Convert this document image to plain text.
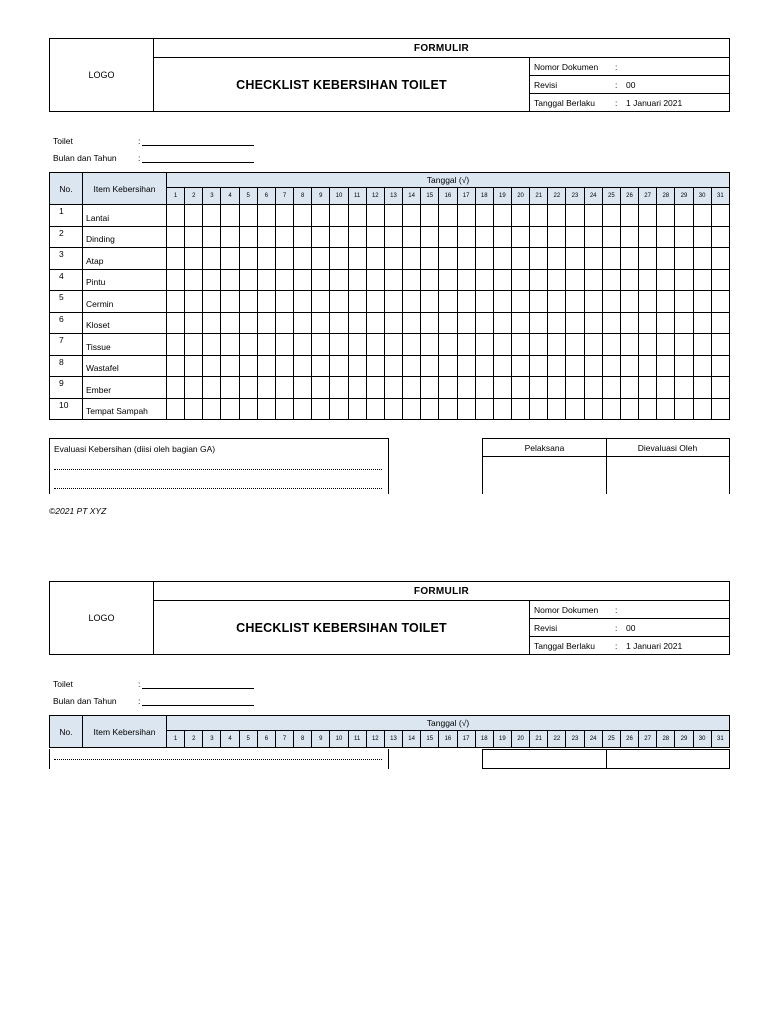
LOGO
FORMULIR
CHECKLIST KEBERSIHAN TOILET
Nomor Dokumen	:
Revisi	:	00
Tanggal Berlaku	:	1 Januari 2021
Toilet	:
Bulan dan Tahun	:
No.	Item Kebersihan	Tanggal (√)																														
		1	2	3	4	5	6	7	8	9	10	11	12	13	14	15	16	17	18	19	20	21	22	23	24	25	26	27	28	29	30	31
1	Lantai																															
2	Dinding																															
3	Atap																															
4	Pintu																															
5	Cermin																															
6	Kloset																															
7	Tissue																															
8	Wastafel																															
9	Ember																															
10	Tempat Sampah																															
Evaluasi Kebersihan (diisi oleh bagian GA)	Pelaksana	Dievaluasi Oleh
©2021 PT XYZ
LOGO
FORMULIR
CHECKLIST KEBERSIHAN TOILET
Nomor Dokumen	:
Revisi	:	00
Tanggal Berlaku	:	1 Januari 2021
Toilet	:
Bulan dan Tahun	:
No.	Item Kebersihan	Tanggal (√)																														
		1	2	3	4	5	6	7	8	9	10	11	12	13	14	15	16	17	18	19	20	21	22	23	24	25	26	27	28	29	30	31
